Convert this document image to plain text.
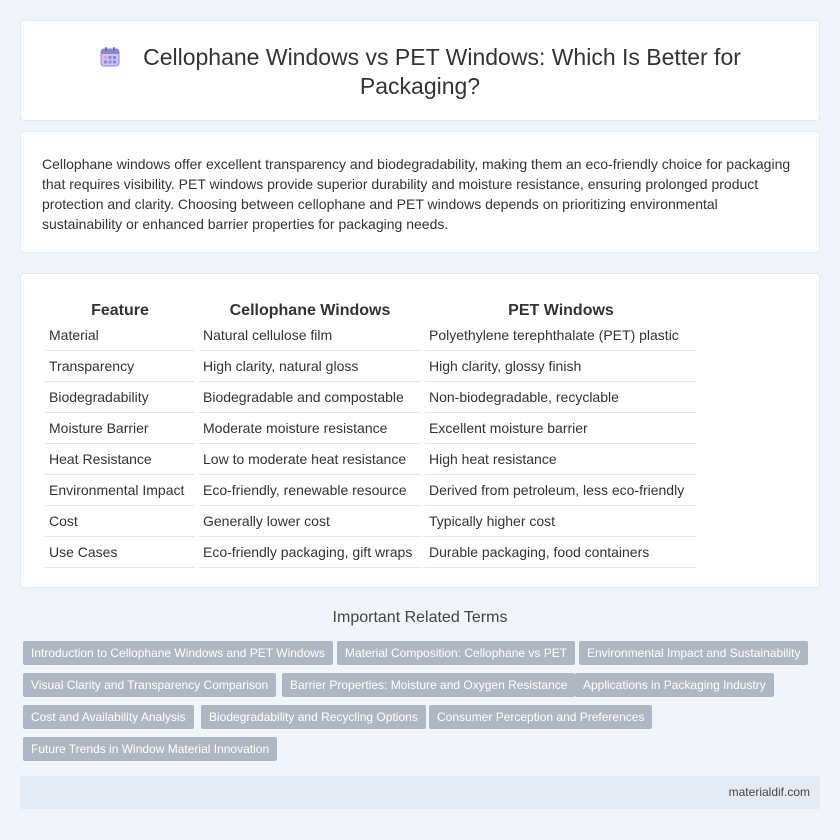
Cellophane Windows vs PET Windows: Which Is Better for Packaging?

Cellophane windows offer excellent transparency and biodegradability, making them an eco-friendly choice for packaging that requires visibility. PET windows provide superior durability and moisture resistance, ensuring prolonged product protection and clarity. Choosing between cellophane and PET windows depends on prioritizing environmental sustainability or enhanced barrier properties for packaging needs.

Feature	Cellophane Windows	PET Windows
Material	Natural cellulose film	Polyethylene terephthalate (PET) plastic
Transparency	High clarity, natural gloss	High clarity, glossy finish
Biodegradability	Biodegradable and compostable	Non-biodegradable, recyclable
Moisture Barrier	Moderate moisture resistance	Excellent moisture barrier
Heat Resistance	Low to moderate heat resistance	High heat resistance
Environmental Impact	Eco-friendly, renewable resource	Derived from petroleum, less eco-friendly
Cost	Generally lower cost	Typically higher cost
Use Cases	Eco-friendly packaging, gift wraps	Durable packaging, food containers
Important Related Terms
Introduction to Cellophane Windows and PET Windows	Material Composition: Cellophane vs PET	Environmental Impact and Sustainability
Visual Clarity and Transparency Comparison	Barrier Properties: Moisture and Oxygen Resistance	Applications in Packaging Industry
Cost and Availability Analysis	Biodegradability and Recycling Options	Consumer Perception and Preferences
Future Trends in Window Material Innovation
materialdif.com
